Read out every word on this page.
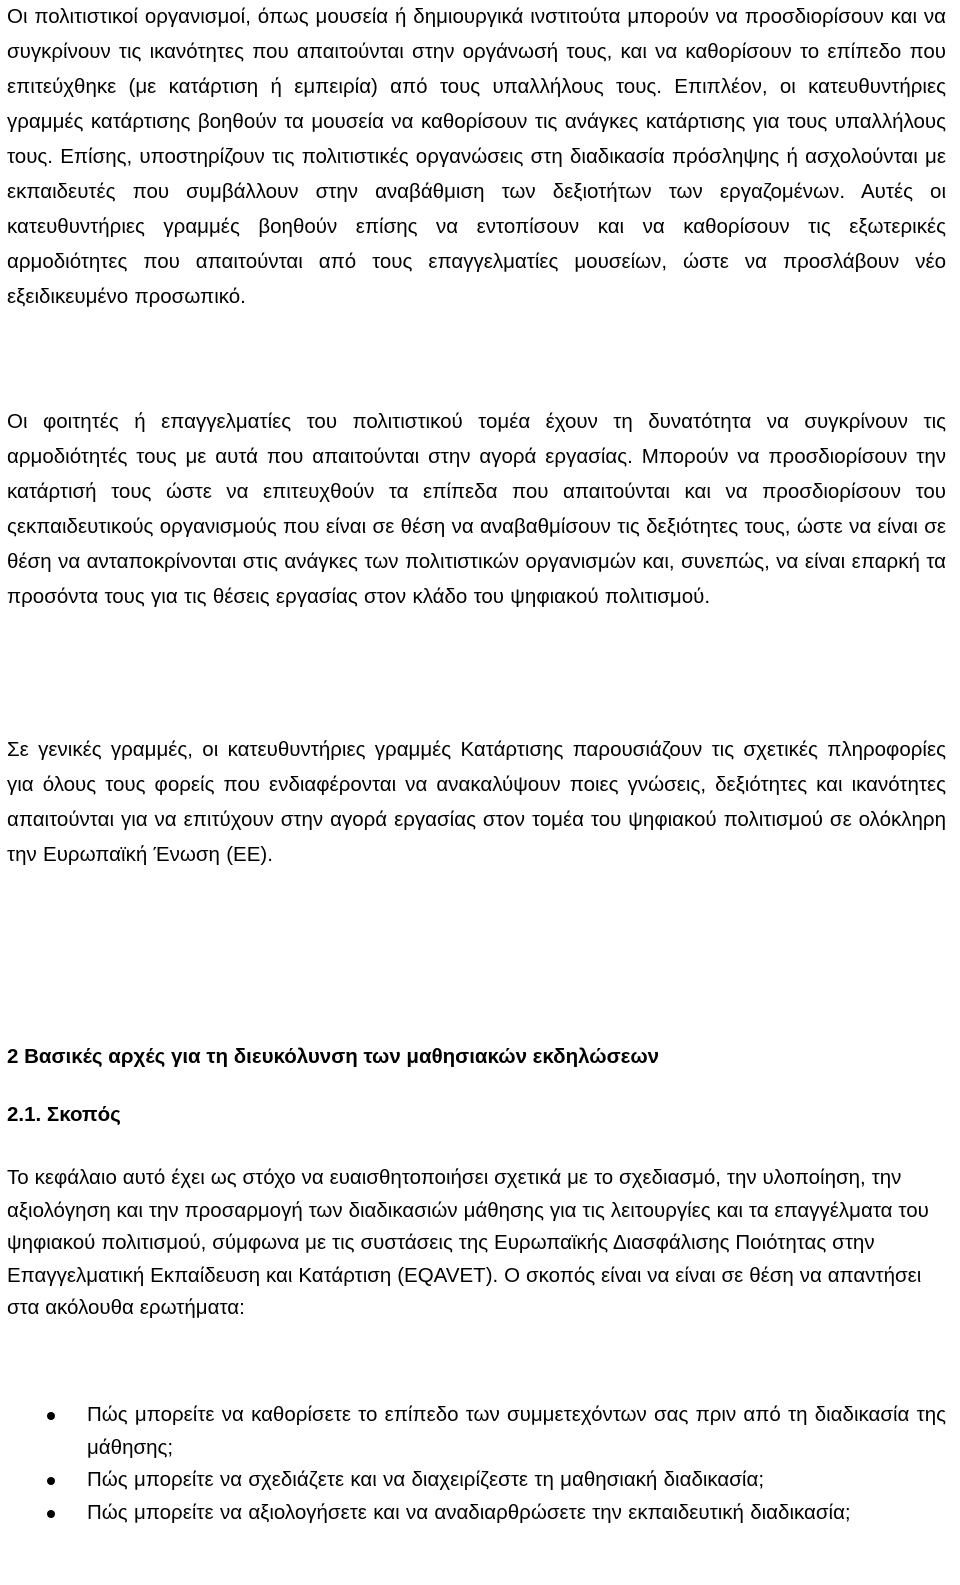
Οι πολιτιστικοί οργανισμοί, όπως μουσεία ή δημιουργικά ινστιτούτα μπορούν να προσδιορίσουν και να συγκρίνουν τις ικανότητες που απαιτούνται στην οργάνωσή τους, και να καθορίσουν το επίπεδο που επιτεύχθηκε (με κατάρτιση ή εμπειρία) από τους υπαλλήλους τους. Επιπλέον, οι κατευθυντήριες γραμμές κατάρτισης βοηθούν τα μουσεία να καθορίσουν τις ανάγκες κατάρτισης για τους υπαλλήλους τους. Επίσης, υποστηρίζουν τις πολιτιστικές οργανώσεις στη διαδικασία πρόσληψης ή ασχολούνται με εκπαιδευτές που συμβάλλουν στην αναβάθμιση των δεξιοτήτων των εργαζομένων. Αυτές οι κατευθυντήριες γραμμές βοηθούν επίσης να εντοπίσουν και να καθορίσουν τις εξωτερικές αρμοδιότητες που απαιτούνται από τους επαγγελματίες μουσείων, ώστε να προσλάβουν νέο εξειδικευμένο προσωπικό.

Οι φοιτητές ή επαγγελματίες του πολιτιστικού τομέα έχουν τη δυνατότητα να συγκρίνουν τις αρμοδιότητές τους με αυτά που απαιτούνται στην αγορά εργασίας. Μπορούν να προσδιορίσουν την κατάρτισή τους ώστε να επιτευχθούν τα επίπεδα που απαιτούνται και να προσδιορίσουν του ςεκπαιδευτικούς οργανισμούς που είναι σε θέση να αναβαθμίσουν τις δεξιότητες τους, ώστε να είναι σε θέση να ανταποκρίνονται στις ανάγκες των πολιτιστικών οργανισμών και, συνεπώς, να είναι επαρκή τα προσόντα τους για τις θέσεις εργασίας στον κλάδο του ψηφιακού πολιτισμού.

Σε γενικές γραμμές, οι κατευθυντήριες γραμμές Κατάρτισης παρουσιάζουν τις σχετικές πληροφορίες για όλους τους φορείς που ενδιαφέρονται να ανακαλύψουν ποιες γνώσεις, δεξιότητες και ικανότητες απαιτούνται για να επιτύχουν στην αγορά εργασίας στον τομέα του ψηφιακού πολιτισμού σε ολόκληρη την Ευρωπαϊκή Ένωση (ΕΕ).

2 Βασικές αρχές για τη διευκόλυνση των μαθησιακών εκδηλώσεων
2.1. Σκοπός

Το κεφάλαιο αυτό έχει ως στόχο να ευαισθητοποιήσει σχετικά με το σχεδιασμό, την υλοποίηση, την αξιολόγηση και την προσαρμογή των διαδικασιών μάθησης για τις λειτουργίες και τα επαγγέλματα του ψηφιακού πολιτισμού, σύμφωνα με τις συστάσεις της Ευρωπαϊκής Διασφάλισης Ποιότητας στην Επαγγελματική Εκπαίδευση και Κατάρτιση (EQAVET). Ο σκοπός είναι να είναι σε θέση να απαντήσει στα ακόλουθα ερωτήματα:

Πώς μπορείτε να καθορίσετε το επίπεδο των συμμετεχόντων σας πριν από τη διαδικασία της μάθησης;
Πώς μπορείτε να σχεδιάζετε και να διαχειρίζεστε τη μαθησιακή διαδικασία;
Πώς μπορείτε να αξιολογήσετε και να αναδιαρθρώσετε την εκπαιδευτική διαδικασία;
